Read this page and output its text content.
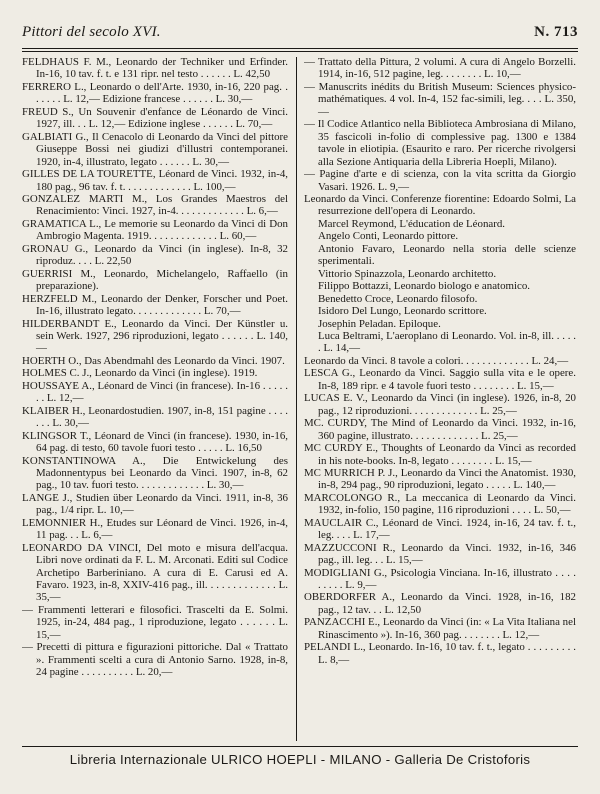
Pittori del secolo XVI.	N. 713

FELDHAUS F. M., Leonardo der Techniker und Erfinder. In-16, 10 tav. f. t. e 131 ripr. nel testo . . . . . . L. 42,50

FERRERO L., Leonardo o dell'Arte. 1930, in-16, 220 pag. . . . . . . L. 12,— Edizione francese . . . . . . L. 30,—

FREUD S., Un Souvenir d'enfance de Léonardo de Vinci. 1927, ill. . . L. 12,— Edizione inglese . . . . . . L. 70,—

GALBIATI G., Il Cenacolo di Leonardo da Vinci del pittore Giuseppe Bossi nei giudizi d'illustri contemporanei. 1920, in-4, illustrato, legato . . . . . . L. 30,—

GILLES DE LA TOURETTE, Léonard de Vinci. 1932, in-4, 180 pag., 96 tav. f. t. . . . . . . . . . . . . L. 100,—

GONZALEZ MARTI M., Los Grandes Maestros del Renacimiento: Vinci. 1927, in-4. . . . . . . . . . . . . L. 6,—

GRAMATICA L., Le memorie su Leonardo da Vinci di Don Ambrogio Magenta. 1919. . . . . . . . . . . . . L. 60,—

GRONAU G., Leonardo da Vinci (in inglese). In-8, 32 riproduz. . . . L. 22,50

GUERRISI M., Leonardo, Michelangelo, Raffaello (in preparazione).

HERZFELD M., Leonardo der Denker, Forscher und Poet. In-16, illustrato legato. . . . . . . . . . . . . L. 70,—

HILDERBANDT E., Leonardo da Vinci. Der Künstler u. sein Werk. 1927, 296 riproduzioni, legato . . . . . . L. 140,—

HOERTH O., Das Abendmahl des Leonardo da Vinci. 1907.

HOLMES C. J., Leonardo da Vinci (in inglese). 1919.

HOUSSAYE A., Léonard de Vinci (in francese). In-16 . . . . . . . L. 12,—

KLAIBER H., Leonardostudien. 1907, in-8, 151 pagine . . . . . . . L. 30,—

KLINGSOR T., Léonard de Vinci (in francese). 1930, in-16, 64 pag. di testo, 60 tavole fuori testo . . . . . L. 16,50

KONSTANTINOWA A., Die Entwickelung des Madonnentypus bei Leonardo da Vinci. 1907, in-8, 62 pag., 10 tav. fuori testo. . . . . . . . . . . . . L. 30,—

LANGE J., Studien über Leonardo da Vinci. 1911, in-8, 36 pag., 1/4 ripr. L. 10,—

LEMONNIER H., Etudes sur Léonard de Vinci. 1926, in-4, 11 pag. . . L. 6,—

LEONARDO DA VINCI, Del moto e misura dell'acqua. Libri nove ordinati da F. L. M. Arconati. Editi sul Codice Archetipo Barberiniano. A cura di E. Carusi ed A. Favaro. 1923, in-8, XXIV-416 pag., ill. . . . . . . . . . . . . L. 35,—

— Frammenti letterari e filosofici. Trascelti da E. Solmi. 1925, in-24, 484 pag., 1 riproduzione, legato . . . . . . L. 15,—

— Precetti di pittura e figurazioni pittoriche. Dal « Trattato ». Frammenti scelti a cura di Antonio Sarno. 1928, in-8, 24 pagine . . . . . . . . . . L. 20,—

— Trattato della Pittura, 2 volumi. A cura di Angelo Borzelli. 1914, in-16, 512 pagine, leg. . . . . . . . L. 10,—

— Manuscrits inédits du British Museum: Sciences physico-mathématiques. 4 vol. In-4, 152 fac-simili, leg. . . . L. 350,—

— Il Codice Atlantico nella Biblioteca Ambrosiana di Milano, 35 fascicoli in-folio di complessive pag. 1300 e 1384 tavole in eliotipia. (Esaurito e raro. Per ricerche rivolgersi alla Sezione Antiquaria della Libreria Hoepli, Milano).

— Pagine d'arte e di scienza, con la vita scritta da Giorgio Vasari. 1926. L. 9,—

Leonardo da Vinci. Conferenze fiorentine: Edoardo Solmi, La resurrezione dell'opera di Leonardo.

Marcel Reymond, L'éducation de Léonard.

Angelo Conti, Leonardo pittore.

Antonio Favaro, Leonardo nella storia delle scienze sperimentali.

Vittorio Spinazzola, Leonardo architetto.

Filippo Bottazzi, Leonardo biologo e anatomico.

Benedetto Croce, Leonardo filosofo.

Isidoro Del Lungo, Leonardo scrittore.

Josephin Peladan. Epiloque.

Luca Beltrami, L'aeroplano di Leonardo. Vol. in-8, ill. . . . . . L. 14,—

Leonardo da Vinci. 8 tavole a colori. . . . . . . . . . . . . L. 24,—

LESCA G., Leonardo da Vinci. Saggio sulla vita e le opere. In-8, 189 ripr. e 4 tavole fuori testo . . . . . . . . L. 15,—

LUCAS E. V., Leonardo da Vinci (in inglese). 1926, in-8, 20 pag., 12 riproduzioni. . . . . . . . . . . . . L. 25,—

MC. CURDY, The Mind of Leonardo da Vinci. 1932, in-16, 360 pagine, illustrato. . . . . . . . . . . . . L. 25,—

MC CURDY E., Thoughts of Leonardo da Vinci as recorded in his note-books. In-8, legato . . . . . . . . L. 15,—

MC MURRICH P. J., Leonardo da Vinci the Anatomist. 1930, in-8, 294 pag., 90 riproduzioni, legato . . . . . L. 140,—

MARCOLONGO R., La meccanica di Leonardo da Vinci. 1932, in-folio, 150 pagine, 116 riproduzioni . . . . L. 50,—

MAUCLAIR C., Léonard de Vinci. 1924, in-16, 24 tav. f. t., leg. . . . L. 17,—

MAZZUCCONI R., Leonardo da Vinci. 1932, in-16, 346 pag., ill. leg. . . L. 15,—

MODIGLIANI G., Psicologia Vinciana. In-16, illustrato . . . . . . . . . L. 9,—

OBERDORFER A., Leonardo da Vinci. 1928, in-16, 182 pag., 12 tav. . . L. 12,50

PANZACCHI E., Leonardo da Vinci (in: « La Vita Italiana nel Rinascimento »). In-16, 360 pag. . . . . . . . L. 12,—

PELANDI L., Leonardo. In-16, 10 tav. f. t., legato . . . . . . . . . L. 8,—

Libreria Internazionale ULRICO HOEPLI - MILANO - Galleria De Cristoforis
